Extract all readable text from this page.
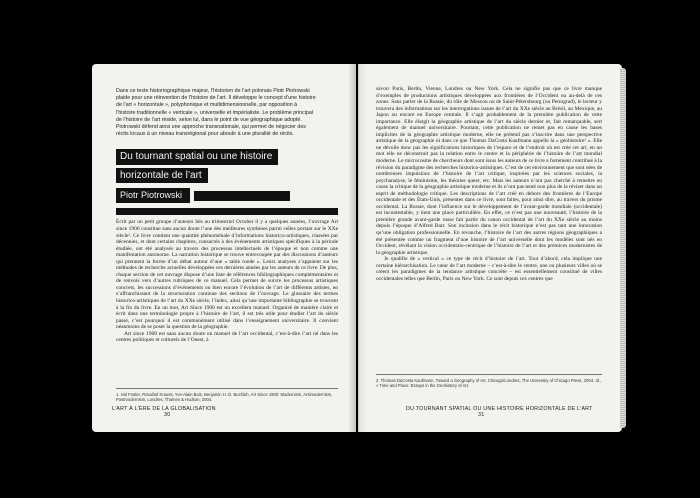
Dans ce texte historiographique majeur, l’historien de l’art polonais Piotr Piotrowski plaide pour une réinvention de l’histoire de l’art. Il développe le concept d’une histoire de l’art « horizontale », polyphonique et multidimensionnelle, par opposition à l’histoire traditionnelle « verticale », universelle et impérialiste. Le problème principal de l’histoire de l’art réside, selon lui, dans le point de vue géographique adopté. Piotrowski défend ainsi une approche transnationale, qui permet de négocier des récits locaux à un niveau transrégional pour aboutir à une pluralité de récits.
Du tournant spatial ou une histoire
horizontale de l’art
Piotr Piotrowski

Écrit par un petit groupe d’auteurs liés au trimestriel October il y a quelques années, l’ouvrage Art since 1900 constitue sans aucun doute l’une des meilleures synthèses parmi celles portant sur le XXe siècle¹. Ce livre contient une quantité phénoménale d’informations historico-artistiques, classées par décennies, et dont certains chapitres, consacrés à des événements artistiques spécifiques à la période étudiée, ont été analysés au travers des processus intellectuels de l’époque et non comme une manifestation autonome. La narration historique se trouve entrecoupée par des discussions d’auteurs qui prennent la forme d’un débat autour d’une « table ronde ». Leurs analyses s’appuient sur les méthodes de recherche actuelles développées ces dernières années par les auteurs de ce livre. De plus, chaque section de cet ouvrage dispose d’une liste de références bibliographiques complémentaires et de renvois vers d’autres rubriques de ce manuel. Cela permet de suivre les processus artistiques concrets, les successions d’événements ou bien encore l’évolution de l’art de différents artistes, en s’affranchissant de la structuration continue des sections de l’ouvrage. Le glossaire des termes historico-artistiques de l’art du XXe siècle, l’index, ainsi qu’une importante bibliographie se trouvent à la fin du livre. En un mot, Art Since 1900 est un excellent manuel. Organisé de manière claire et écrit dans une terminologie propre à l’histoire de l’art, il est très utile pour étudier l’art du siècle passé, c’est pourquoi il est communément utilisé dans l’enseignement universitaire. Il convient néanmoins de se poser la question de la géographie.

Art since 1900 est sans aucun doute un manuel de l’art occidental, c’est-à-dire l’art né dans les centres politiques et culturels de l’Ouest, à

1. Hal Foster, Rosalind Krauss, Yve-Alain Bois, Benjamin H. D. Buchloh, Art Since 1900: Modernism, Antimodernism, Postmodernism, Londres, Thames & Hudson, 2004.
L’ART À L’ÈRE DE LA GLOBALISATION
30

savoir Paris, Berlin, Vienne, Londres ou New York. Cela ne signifie pas que ce livre manque d’exemples de productions artistiques développées aux frontières de l’Occident ou au-delà de ces zones. Sans parler de la Russie, du rôle de Moscou ou de Saint-Pétersbourg (ou Petrograd), le lecteur y trouvera des informations sur les interrogations issues de l’art du XXe siècle au Brésil, au Mexique, au Japon ou encore en Europe centrale. Il s’agit probablement de la première publication de cette importance. Elle élargit la géographie artistique de l’art du siècle dernier et, fait remarquable, sert également de manuel universitaire. Pourtant, cette publication ne remet pas en cause les bases implicites de la géographie artistique moderne, elle ne prétend pas s’inscrire dans une perspective artistique de la géographie ni dans ce que Thomas DaCosta Kaufmann appelle la « géohistoire² ». Elle ne dévoile donc pas les significations historiques de l’espace et de l’endroit où est créé cet art, en un mot elle ne déconstruit pas la relation entre le centre et la périphérie de l’histoire de l’art mondial moderne. Le microcosme de chercheurs dont sont issus les auteurs de ce livre a fortement contribué à la révision du paradigme des recherches historico-artistiques. C’est de cet environnement que sont nées de nombreuses impulsions de l’histoire de l’art critique, inspirées par les sciences sociales, la psychanalyse, le féminisme, les théories queer, etc. Mais les auteurs n’ont pas cherché à remettre en cause la critique de la géographie artistique moderne et ils n’ont pas tenté non plus de la réviser dans un esprit de méthodologie critique. Les descriptions de l’art créé en dehors des frontières de l’Europe occidentale et des États-Unis, présentes dans ce livre, sont faites, pour ainsi dire, au travers du prisme occidental. La Russie, dont l’influence sur le développement de l’avant-garde mondiale (occidentale) est incontestable, y tient une place particulière. En effet, ce n’est pas une nouveauté, l’histoire de la première grande avant-garde russe fait partie du canon occidental de l’art du XXe siècle au moins depuis l’époque d’Alfred Barr. Son inclusion dans le récit historique n’est pas tant une innovation qu’une obligation professionnelle. En revanche, l’histoire de l’art des autres régions géographiques a été présentée comme un fragment d’une histoire de l’art universelle dont les modèles sont nés en Occident, révélant la vision occidentalo-centrique de l’histoire de l’art et des prémices modernistes de la géographie artistique.

Je qualifie de « vertical » ce type de récit d’histoire de l’art. Tout d’abord, cela implique une certaine hiérarchisation. Le cœur de l’art moderne – c’est-à-dire le centre, une ou plusieurs villes où se créent les paradigmes de la tendance artistique concrète – est essentiellement constitué de villes occidentales telles que Berlin, Paris ou New York. Ce sont depuis ces centres que

2. Thomas DaCosta Kaufmann, Toward a Geography of Art, Chicago/Londres, The University of Chicago Press, 2004. Id., « Time and Place: Essays in the Geohistory of Art.
DU TOURNANT SPATIAL OU UNE HISTOIRE HORIZONTALE DE L’ART
31
